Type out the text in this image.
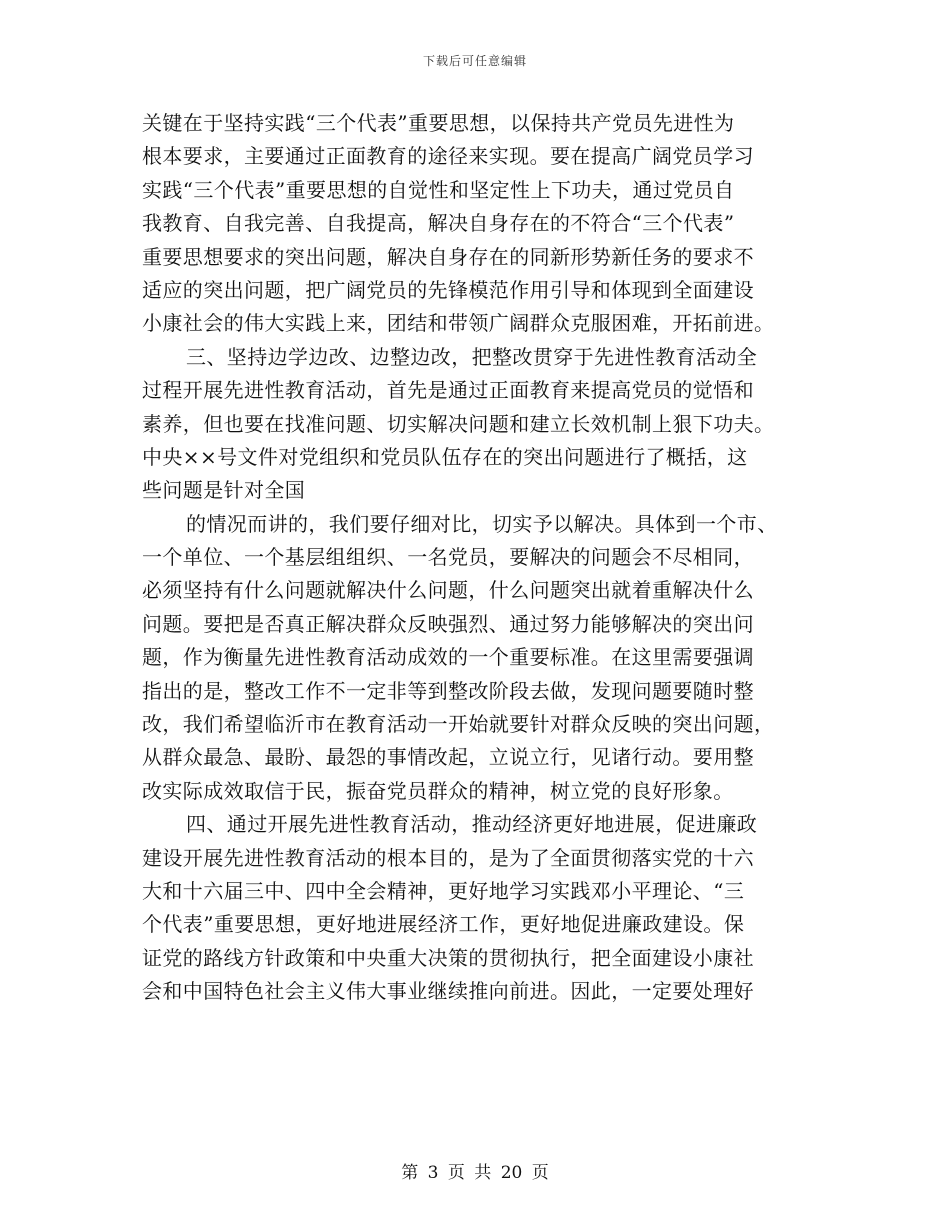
下载后可任意编辑
关键在于坚持实践“三个代表”重要思想，以保持共产党员先进性为
根本要求，主要通过正面教育的途径来实现。要在提高广阔党员学习
实践“三个代表”重要思想的自觉性和坚定性上下功夫，通过党员自
我教育、自我完善、自我提高，解决自身存在的不符合“三个代表”
重要思想要求的突出问题，解决自身存在的同新形势新任务的要求不
适应的突出问题，把广阔党员的先锋模范作用引导和体现到全面建设
小康社会的伟大实践上来，团结和带领广阔群众克服困难，开拓前进。
三、坚持边学边改、边整边改，把整改贯穿于先进性教育活动全
过程开展先进性教育活动，首先是通过正面教育来提高党员的觉悟和
素养，但也要在找准问题、切实解决问题和建立长效机制上狠下功夫。
中央××号文件对党组织和党员队伍存在的突出问题进行了概括，这
些问题是针对全国
的情况而讲的，我们要仔细对比，切实予以解决。具体到一个市、
一个单位、一个基层组组织、一名党员，要解决的问题会不尽相同，
必须坚持有什么问题就解决什么问题，什么问题突出就着重解决什么
问题。要把是否真正解决群众反映强烈、通过努力能够解决的突出问
题，作为衡量先进性教育活动成效的一个重要标准。在这里需要强调
指出的是，整改工作不一定非等到整改阶段去做，发现问题要随时整
改，我们希望临沂市在教育活动一开始就要针对群众反映的突出问题，
从群众最急、最盼、最怨的事情改起，立说立行，见诸行动。要用整
改实际成效取信于民，振奋党员群众的精神，树立党的良好形象。
四、通过开展先进性教育活动，推动经济更好地进展，促进廉政
建设开展先进性教育活动的根本目的，是为了全面贯彻落实党的十六
大和十六届三中、四中全会精神，更好地学习实践邓小平理论、“三
个代表”重要思想，更好地进展经济工作，更好地促进廉政建设。保
证党的路线方针政策和中央重大决策的贯彻执行，把全面建设小康社
会和中国特色社会主义伟大事业继续推向前进。因此，一定要处理好
第 3 页 共 20 页
